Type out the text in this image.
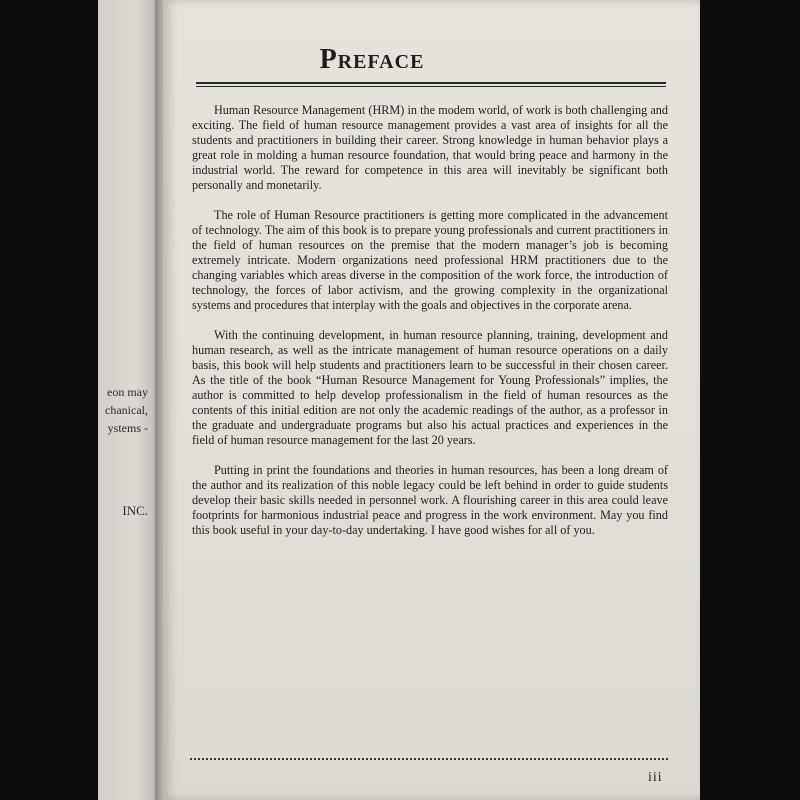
eon may
chanical,
ystems -
INC.
Preface

Human Resource Management (HRM) in the modem world, of work is both challenging and exciting. The field of human resource management provides a vast area of insights for all the students and practitioners in building their career. Strong knowledge in human behavior plays a great role in molding a human resource foundation, that would bring peace and harmony in the industrial world. The reward for competence in this area will inevitably be significant both personally and monetarily.

The role of Human Resource practitioners is getting more complicated in the advancement of technology. The aim of this book is to prepare young professionals and current practitioners in the field of human resources on the premise that the modern manager’s job is becoming extremely intricate. Modern organizations need professional HRM practitioners due to the changing variables which areas diverse in the composition of the work force, the introduction of technology, the forces of labor activism, and the growing complexity in the organizational systems and procedures that interplay with the goals and objectives in the corporate arena.

With the continuing development, in human resource planning, training, development and human research, as well as the intricate management of human resource operations on a daily basis, this book will help students and practitioners learn to be successful in their chosen career. As the title of the book “Human Resource Management for Young Professionals” implies, the author is committed to help develop professionalism in the field of human resources as the contents of this initial edition are not only the academic readings of the author, as a professor in the graduate and undergraduate programs but also his actual practices and experiences in the field of human resource management for the last 20 years.

Putting in print the foundations and theories in human resources, has been a long dream of the author and its realization of this noble legacy could be left behind in order to guide students develop their basic skills needed in personnel work. A flourishing career in this area could leave footprints for harmonious industrial peace and progress in the work environment. May you find this book useful in your day-to-day undertaking. I have good wishes for all of you.

iii
